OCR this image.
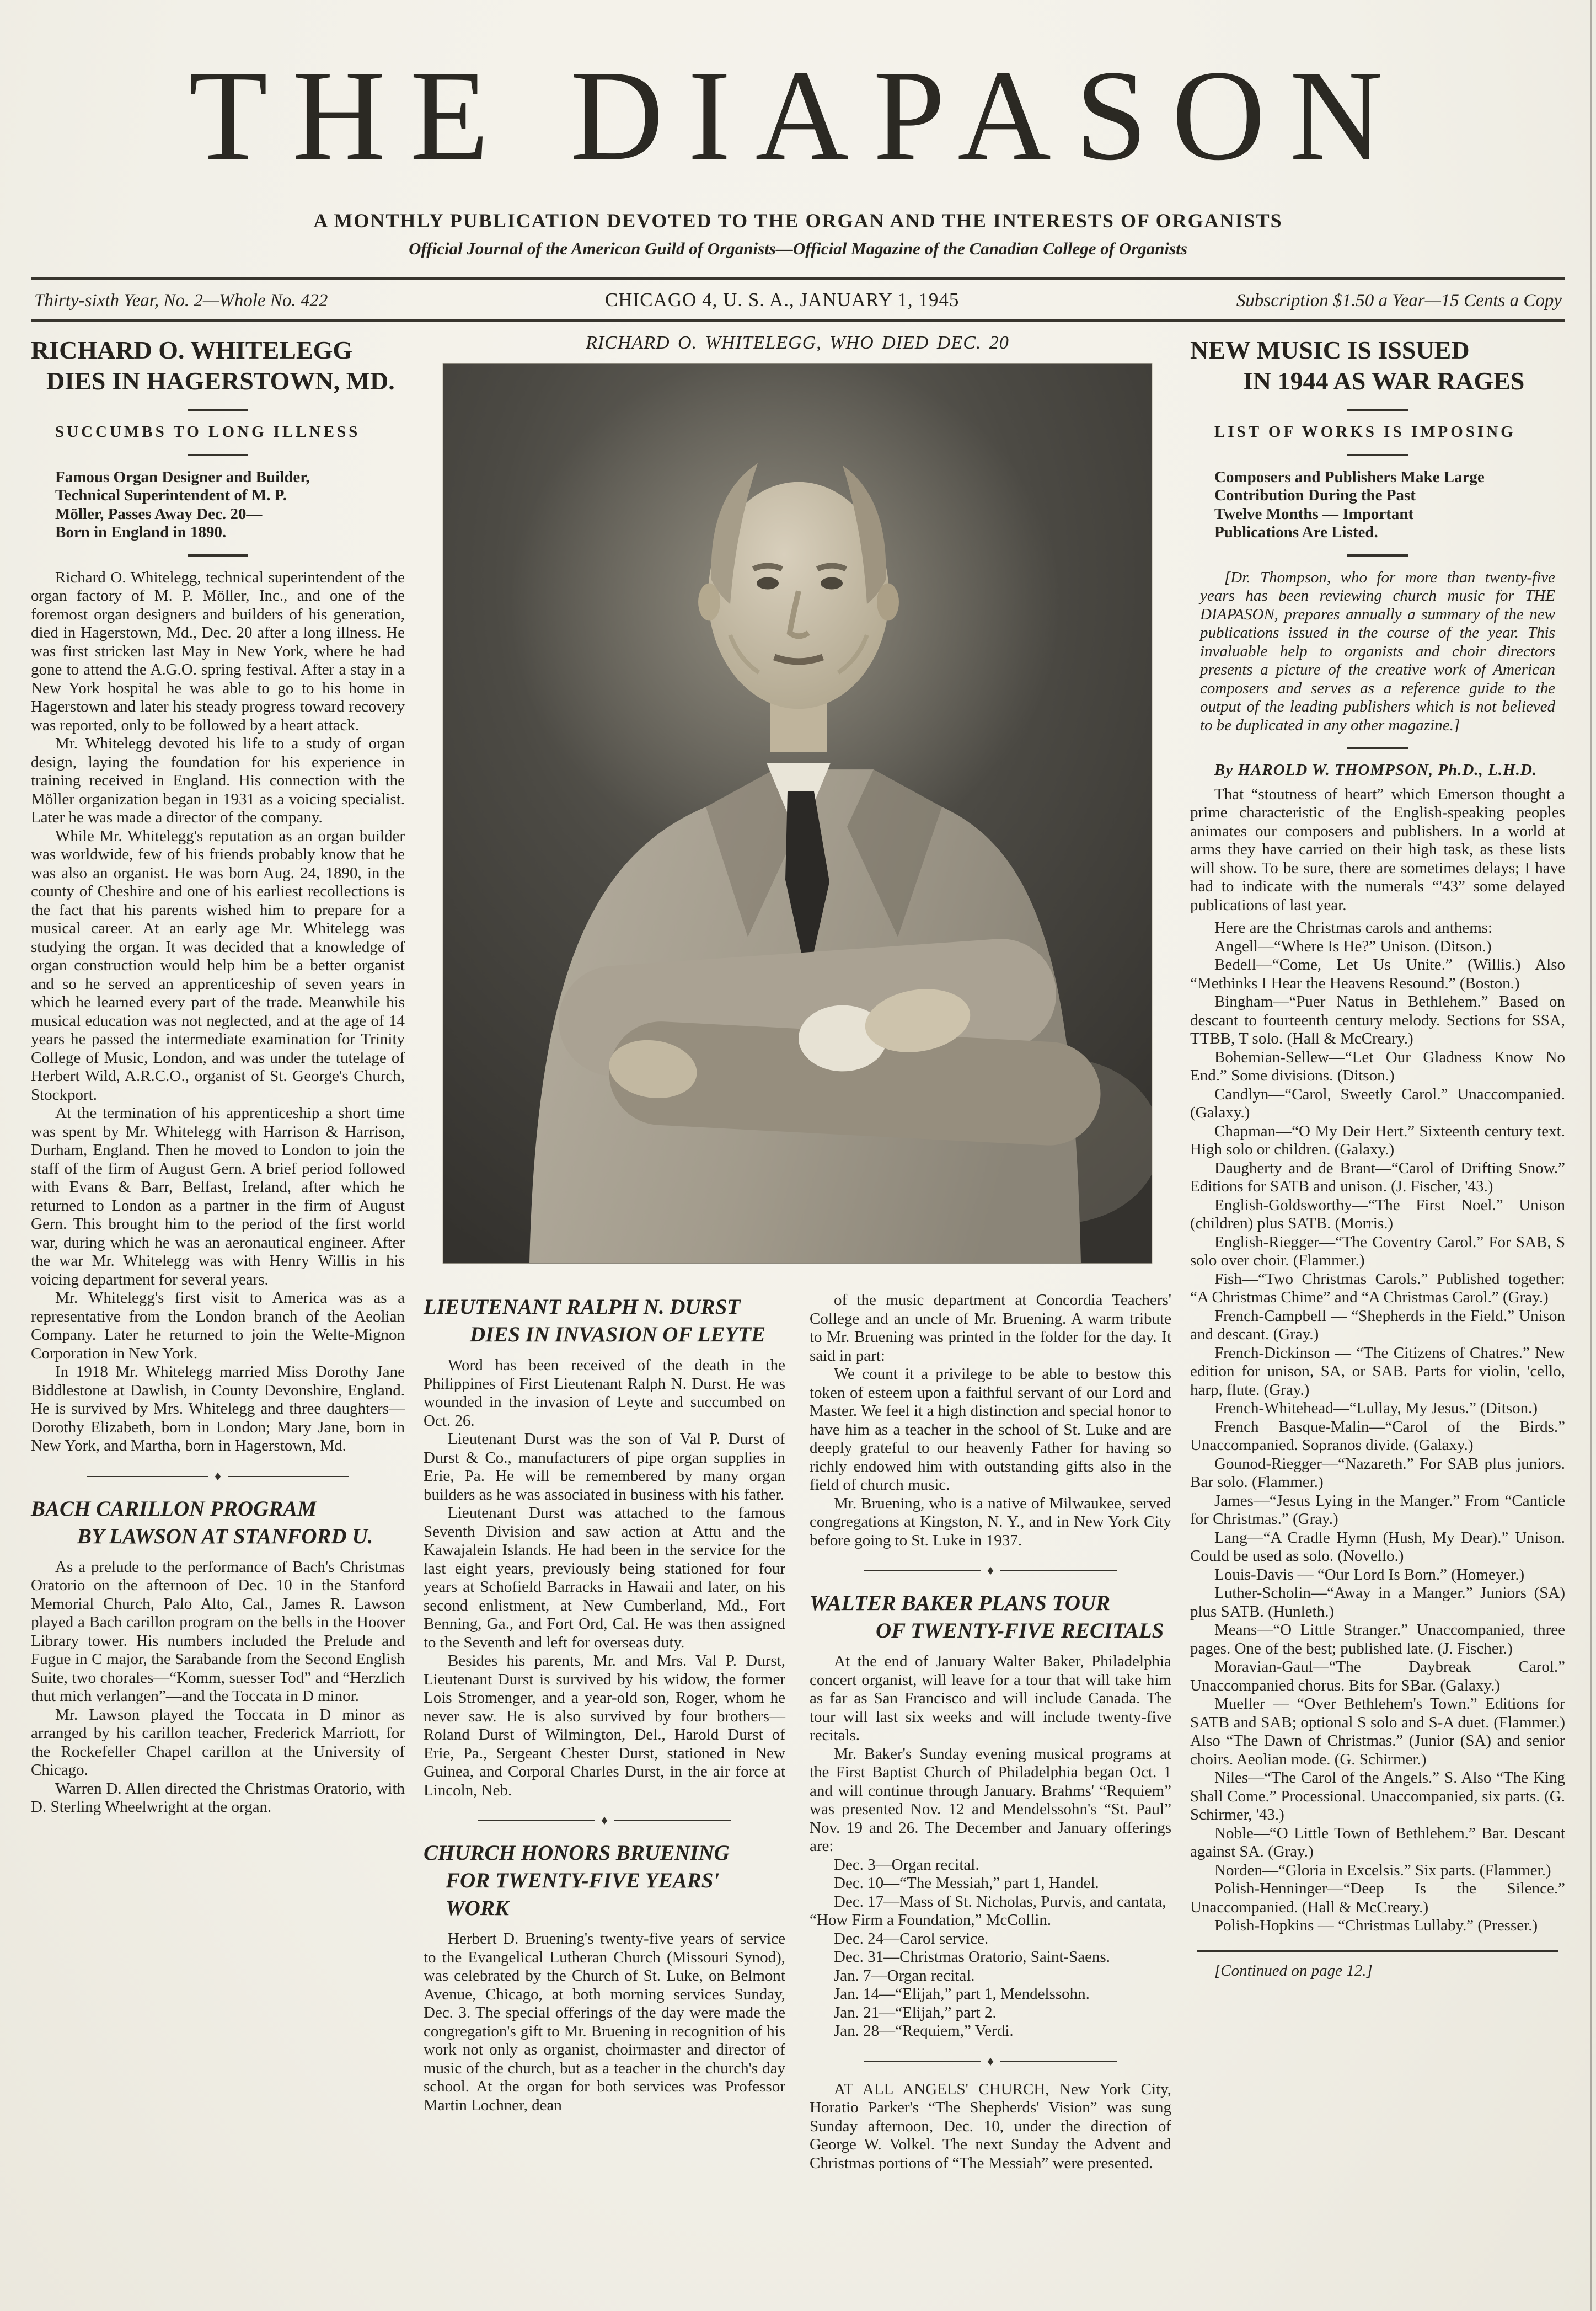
THE DIAPASON

A MONTHLY PUBLICATION DEVOTED TO THE ORGAN AND THE INTERESTS OF ORGANISTS

Official Journal of the American Guild of Organists—Official Magazine of the Canadian College of Organists

Thirty-sixth Year, No. 2—Whole No. 422	CHICAGO 4, U. S. A., JANUARY 1, 1945	Subscription $1.50 a Year—15 Cents a Copy
RICHARD O. WHITELEGG
DIES IN HAGERSTOWN, MD.

SUCCUMBS TO LONG ILLNESS

Famous Organ Designer and Builder,

Technical Superintendent of M. P.

Möller, Passes Away Dec. 20—

Born in England in 1890.

Richard O. Whitelegg, technical superintendent of the organ factory of M. P. Möller, Inc., and one of the foremost organ designers and builders of his generation, died in Hagerstown, Md., Dec. 20 after a long illness. He was first stricken last May in New York, where he had gone to attend the A.G.O. spring festival. After a stay in a New York hospital he was able to go to his home in Hagerstown and later his steady progress toward recovery was reported, only to be followed by a heart attack.

Mr. Whitelegg devoted his life to a study of organ design, laying the foundation for his experience in training received in England. His connection with the Möller organization began in 1931 as a voicing specialist. Later he was made a director of the company.

While Mr. Whitelegg's reputation as an organ builder was worldwide, few of his friends probably know that he was also an organist. He was born Aug. 24, 1890, in the county of Cheshire and one of his earliest recollections is the fact that his parents wished him to prepare for a musical career. At an early age Mr. Whitelegg was studying the organ. It was decided that a knowledge of organ construction would help him be a better organist and so he served an apprenticeship of seven years in which he learned every part of the trade. Meanwhile his musical education was not neglected, and at the age of 14 years he passed the intermediate examination for Trinity College of Music, London, and was under the tutelage of Herbert Wild, A.R.C.O., organist of St. George's Church, Stockport.

At the termination of his apprenticeship a short time was spent by Mr. Whitelegg with Harrison & Harrison, Durham, England. Then he moved to London to join the staff of the firm of August Gern. A brief period followed with Evans & Barr, Belfast, Ireland, after which he returned to London as a partner in the firm of August Gern. This brought him to the period of the first world war, during which he was an aeronautical engineer. After the war Mr. Whitelegg was with Henry Willis in his voicing department for several years.

Mr. Whitelegg's first visit to America was as a representative from the London branch of the Aeolian Company. Later he returned to join the Welte-Mignon Corporation in New York.

In 1918 Mr. Whitelegg married Miss Dorothy Jane Biddlestone at Dawlish, in County Devonshire, England. He is survived by Mrs. Whitelegg and three daughters—Dorothy Elizabeth, born in London; Mary Jane, born in New York, and Martha, born in Hagerstown, Md.

♦
BACH CARILLON PROGRAM
BY LAWSON AT STANFORD U.

As a prelude to the performance of Bach's Christmas Oratorio on the afternoon of Dec. 10 in the Stanford Memorial Church, Palo Alto, Cal., James R. Lawson played a Bach carillon program on the bells in the Hoover Library tower. His numbers included the Prelude and Fugue in C major, the Sarabande from the Second English Suite, two chorales—“Komm, suesser Tod” and “Herzlich thut mich verlangen”—and the Toccata in D minor.

Mr. Lawson played the Toccata in D minor as arranged by his carillon teacher, Frederick Marriott, for the Rockefeller Chapel carillon at the University of Chicago.

Warren D. Allen directed the Christmas Oratorio, with D. Sterling Wheelwright at the organ.

RICHARD O. WHITELEGG, WHO DIED DEC. 20

LIEUTENANT RALPH N. DURST
DIES IN INVASION OF LEYTE

Word has been received of the death in the Philippines of First Lieutenant Ralph N. Durst. He was wounded in the invasion of Leyte and succumbed on Oct. 26.

Lieutenant Durst was the son of Val P. Durst of Durst & Co., manufacturers of pipe organ supplies in Erie, Pa. He will be remembered by many organ builders as he was associated in business with his father.

Lieutenant Durst was attached to the famous Seventh Division and saw action at Attu and the Kawajalein Islands. He had been in the service for the last eight years, previously being stationed for four years at Schofield Barracks in Hawaii and later, on his second enlistment, at New Cumberland, Md., Fort Benning, Ga., and Fort Ord, Cal. He was then assigned to the Seventh and left for overseas duty.

Besides his parents, Mr. and Mrs. Val P. Durst, Lieutenant Durst is survived by his widow, the former Lois Stromenger, and a year-old son, Roger, whom he never saw. He is also survived by four brothers—Roland Durst of Wilmington, Del., Harold Durst of Erie, Pa., Sergeant Chester Durst, stationed in New Guinea, and Corporal Charles Durst, in the air force at Lincoln, Neb.

♦
CHURCH HONORS BRUENING
FOR TWENTY-FIVE YEARS' WORK

Herbert D. Bruening's twenty-five years of service to the Evangelical Lutheran Church (Missouri Synod), was celebrated by the Church of St. Luke, on Belmont Avenue, Chicago, at both morning services Sunday, Dec. 3. The special offerings of the day were made the congregation's gift to Mr. Bruening in recognition of his work not only as organist, choirmaster and director of music of the church, but as a teacher in the church's day school. At the organ for both services was Professor Martin Lochner, dean

of the music department at Concordia Teachers' College and an uncle of Mr. Bruening. A warm tribute to Mr. Bruening was printed in the folder for the day. It said in part:

We count it a privilege to be able to bestow this token of esteem upon a faithful servant of our Lord and Master. We feel it a high distinction and special honor to have him as a teacher in the school of St. Luke and are deeply grateful to our heavenly Father for having so richly endowed him with outstanding gifts also in the field of church music.

Mr. Bruening, who is a native of Milwaukee, served congregations at Kingston, N. Y., and in New York City before going to St. Luke in 1937.

♦
WALTER BAKER PLANS TOUR
OF TWENTY-FIVE RECITALS

At the end of January Walter Baker, Philadelphia concert organist, will leave for a tour that will take him as far as San Francisco and will include Canada. The tour will last six weeks and will include twenty-five recitals.

Mr. Baker's Sunday evening musical programs at the First Baptist Church of Philadelphia began Oct. 1 and will continue through January. Brahms' “Requiem” was presented Nov. 12 and Mendelssohn's “St. Paul” Nov. 19 and 26. The December and January offerings are:

Dec. 3—Organ recital.

Dec. 10—“The Messiah,” part 1, Handel.

Dec. 17—Mass of St. Nicholas, Purvis, and cantata, “How Firm a Foundation,” McCollin.

Dec. 24—Carol service.

Dec. 31—Christmas Oratorio, Saint-Saens.

Jan. 7—Organ recital.

Jan. 14—“Elijah,” part 1, Mendelssohn.

Jan. 21—“Elijah,” part 2.

Jan. 28—“Requiem,” Verdi.

♦

AT ALL ANGELS' CHURCH, New York City, Horatio Parker's “The Shepherds' Vision” was sung Sunday afternoon, Dec. 10, under the direction of George W. Volkel. The next Sunday the Advent and Christmas portions of “The Messiah” were presented.

NEW MUSIC IS ISSUED
IN 1944 AS WAR RAGES

LIST OF WORKS IS IMPOSING

Composers and Publishers Make Large

Contribution During the Past

Twelve Months — Important

Publications Are Listed.

[Dr. Thompson, who for more than twenty-five years has been reviewing church music for THE DIAPASON, prepares annually a summary of the new publications issued in the course of the year. This invaluable help to organists and choir directors presents a picture of the creative work of American composers and serves as a reference guide to the output of the leading publishers which is not believed to be duplicated in any other magazine.]

By HAROLD W. THOMPSON, Ph.D., L.H.D.

That “stoutness of heart” which Emerson thought a prime characteristic of the English-speaking peoples animates our composers and publishers. In a world at arms they have carried on their high task, as these lists will show. To be sure, there are sometimes delays; I have had to indicate with the numerals “'43” some delayed publications of last year.

Here are the Christmas carols and anthems:

Angell—“Where Is He?” Unison. (Ditson.)

Bedell—“Come, Let Us Unite.” (Willis.) Also “Methinks I Hear the Heavens Resound.” (Boston.)

Bingham—“Puer Natus in Bethlehem.” Based on descant to fourteenth century melody. Sections for SSA, TTBB, T solo. (Hall & McCreary.)

Bohemian-Sellew—“Let Our Gladness Know No End.” Some divisions. (Ditson.)

Candlyn—“Carol, Sweetly Carol.” Unaccompanied. (Galaxy.)

Chapman—“O My Deir Hert.” Sixteenth century text. High solo or children. (Galaxy.)

Daugherty and de Brant—“Carol of Drifting Snow.” Editions for SATB and unison. (J. Fischer, '43.)

English-Goldsworthy—“The First Noel.” Unison (children) plus SATB. (Morris.)

English-Riegger—“The Coventry Carol.” For SAB, S solo over choir. (Flammer.)

Fish—“Two Christmas Carols.” Published together: “A Christmas Chime” and “A Christmas Carol.” (Gray.)

French-Campbell — “Shepherds in the Field.” Unison and descant. (Gray.)

French-Dickinson — “The Citizens of Chatres.” New edition for unison, SA, or SAB. Parts for violin, 'cello, harp, flute. (Gray.)

French-Whitehead—“Lullay, My Jesus.” (Ditson.)

French Basque-Malin—“Carol of the Birds.” Unaccompanied. Sopranos divide. (Galaxy.)

Gounod-Riegger—“Nazareth.” For SAB plus juniors. Bar solo. (Flammer.)

James—“Jesus Lying in the Manger.” From “Canticle for Christmas.” (Gray.)

Lang—“A Cradle Hymn (Hush, My Dear).” Unison. Could be used as solo. (Novello.)

Louis-Davis — “Our Lord Is Born.” (Homeyer.)

Luther-Scholin—“Away in a Manger.” Juniors (SA) plus SATB. (Hunleth.)

Means—“O Little Stranger.” Unaccompanied, three pages. One of the best; published late. (J. Fischer.)

Moravian-Gaul—“The Daybreak Carol.” Unaccompanied chorus. Bits for SBar. (Galaxy.)

Mueller — “Over Bethlehem's Town.” Editions for SATB and SAB; optional S solo and S-A duet. (Flammer.) Also “The Dawn of Christmas.” (Junior (SA) and senior choirs. Aeolian mode. (G. Schirmer.)

Niles—“The Carol of the Angels.” S. Also “The King Shall Come.” Processional. Unaccompanied, six parts. (G. Schirmer, '43.)

Noble—“O Little Town of Bethlehem.” Bar. Descant against SA. (Gray.)

Norden—“Gloria in Excelsis.” Six parts. (Flammer.)

Polish-Henninger—“Deep Is the Silence.” Unaccompanied. (Hall & McCreary.)

Polish-Hopkins — “Christmas Lullaby.” (Presser.)

[Continued on page 12.]
